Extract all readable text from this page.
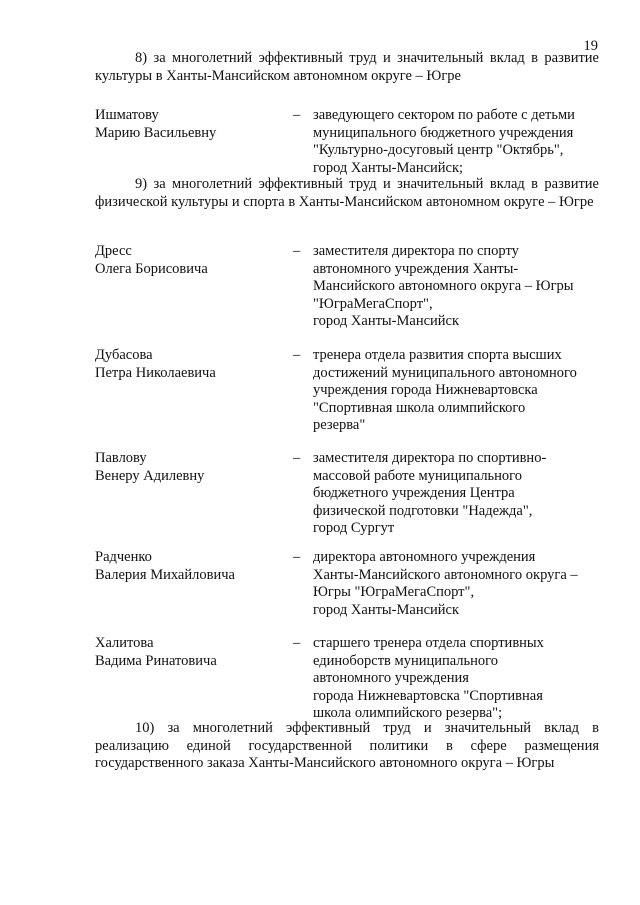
19
8) за многолетний эффективный труд и значительный вклад в развитие культуры в Ханты-Мансийском автономном округе – Югре
Ишматову
Марию Васильевну
– заведующего сектором по работе с детьми
муниципального бюджетного учреждения
"Культурно-досуговый центр "Октябрь",
город Ханты-Мансийск;
9) за многолетний эффективный труд и значительный вклад в развитие физической культуры и спорта в Ханты-Мансийском автономном округе – Югре
Дресс
Олега Борисовича
– заместителя директора по спорту
автономного учреждения Ханты-
Мансийского автономного округа – Югры
"ЮграМегаСпорт",
город Ханты-Мансийск
Дубасова
Петра Николаевича
– тренера отдела развития спорта высших
достижений муниципального автономного
учреждения города Нижневартовска
"Спортивная школа олимпийского
резерва"
Павлову
Венеру Адилевну
– заместителя директора по спортивно-
массовой работе муниципального
бюджетного учреждения Центра
физической подготовки "Надежда",
город Сургут
Радченко
Валерия Михайловича
– директора автономного учреждения
Ханты-Мансийского автономного округа –
Югры "ЮграМегаСпорт",
город Ханты-Мансийск
Халитова
Вадима Ринатовича
– старшего тренера отдела спортивных
единоборств муниципального
автономного учреждения
города Нижневартовска "Спортивная
школа олимпийского резерва";
10) за многолетний эффективный труд и значительный вклад в реализацию единой государственной политики в сфере размещения государственного заказа Ханты-Мансийского автономного округа – Югры
